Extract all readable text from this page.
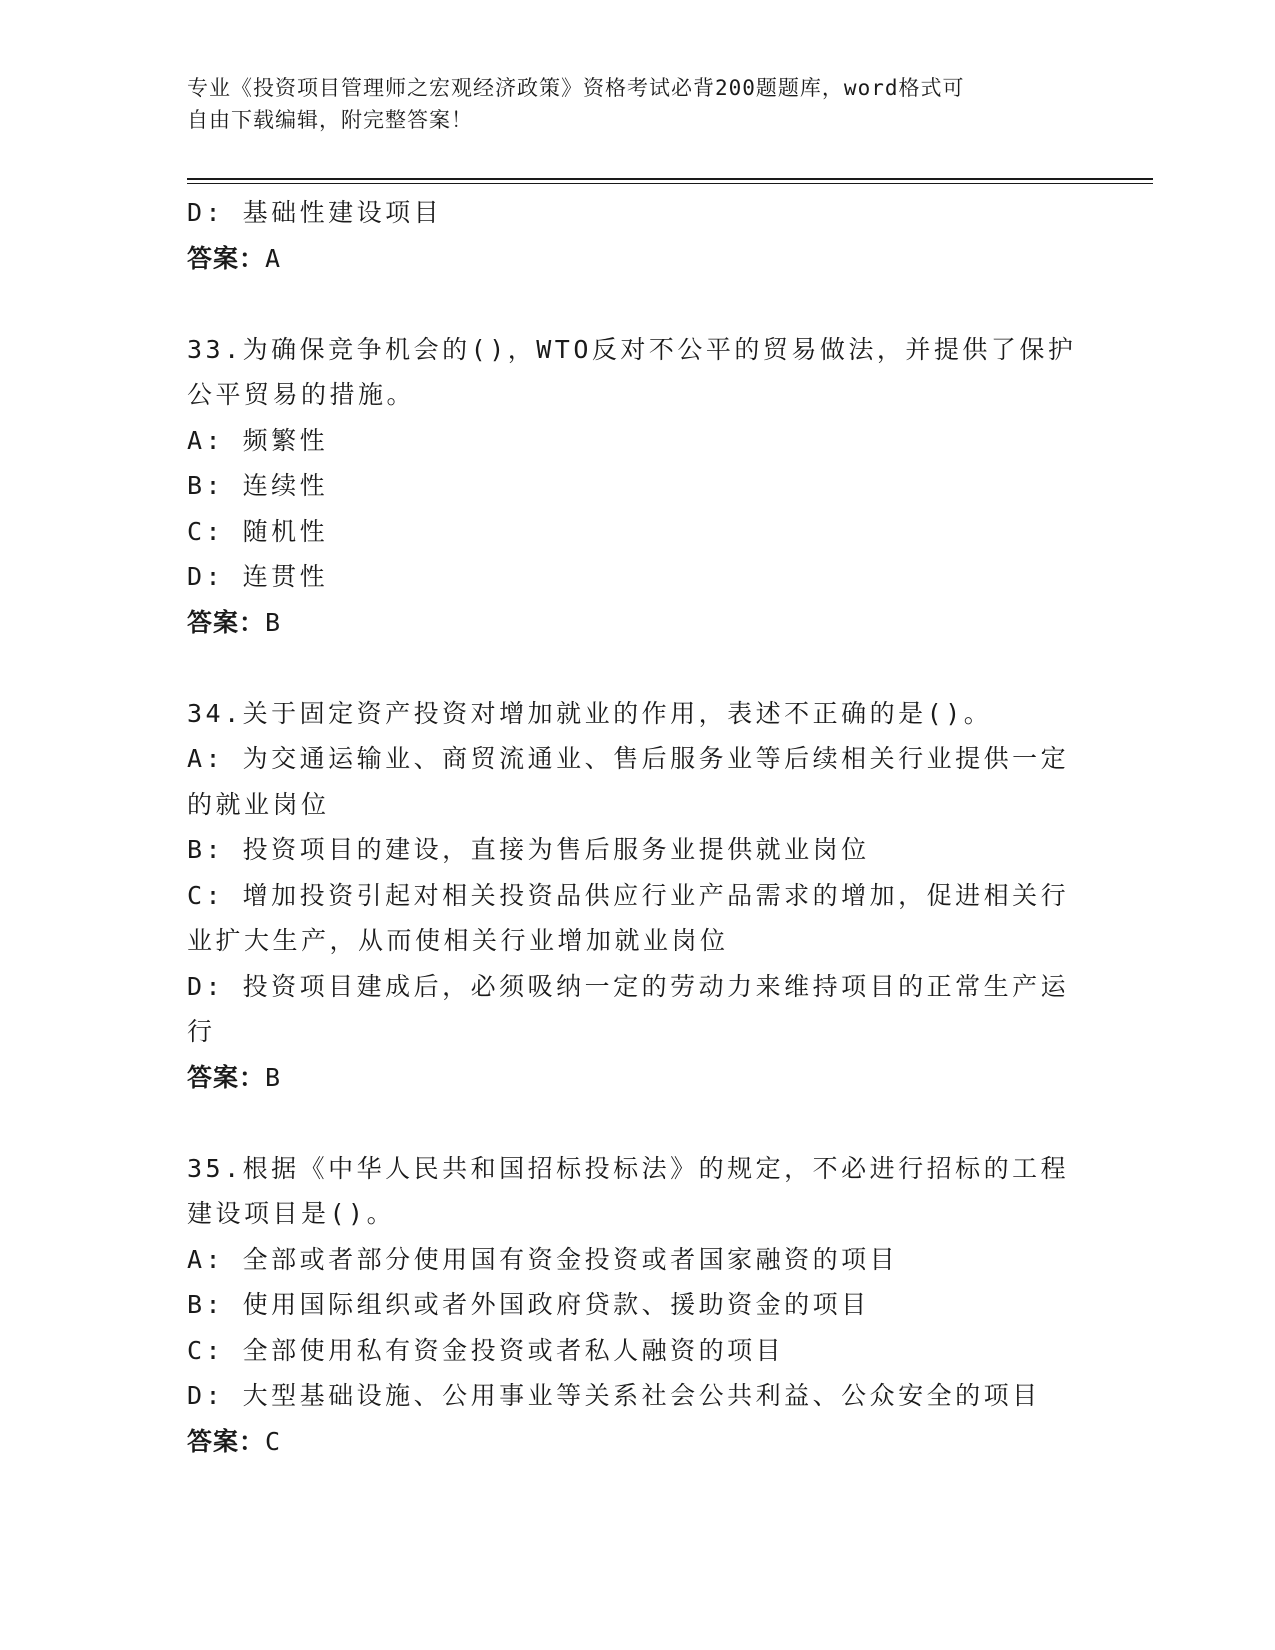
专业《投资项目管理师之宏观经济政策》资格考试必背200题题库，word格式可
自由下载编辑，附完整答案！

D: 基础性建设项目

答案：A

33.为确保竞争机会的()，WTO反对不公平的贸易做法，并提供了保护

公平贸易的措施。

A: 频繁性

B: 连续性

C: 随机性

D: 连贯性

答案：B

34.关于固定资产投资对增加就业的作用，表述不正确的是()。

A: 为交通运输业、商贸流通业、售后服务业等后续相关行业提供一定

的就业岗位

B: 投资项目的建设，直接为售后服务业提供就业岗位

C: 增加投资引起对相关投资品供应行业产品需求的增加，促进相关行

业扩大生产，从而使相关行业增加就业岗位

D: 投资项目建成后，必须吸纳一定的劳动力来维持项目的正常生产运

行

答案：B

35.根据《中华人民共和国招标投标法》的规定，不必进行招标的工程

建设项目是()。

A: 全部或者部分使用国有资金投资或者国家融资的项目

B: 使用国际组织或者外国政府贷款、援助资金的项目

C: 全部使用私有资金投资或者私人融资的项目

D: 大型基础设施、公用事业等关系社会公共利益、公众安全的项目

答案：C
